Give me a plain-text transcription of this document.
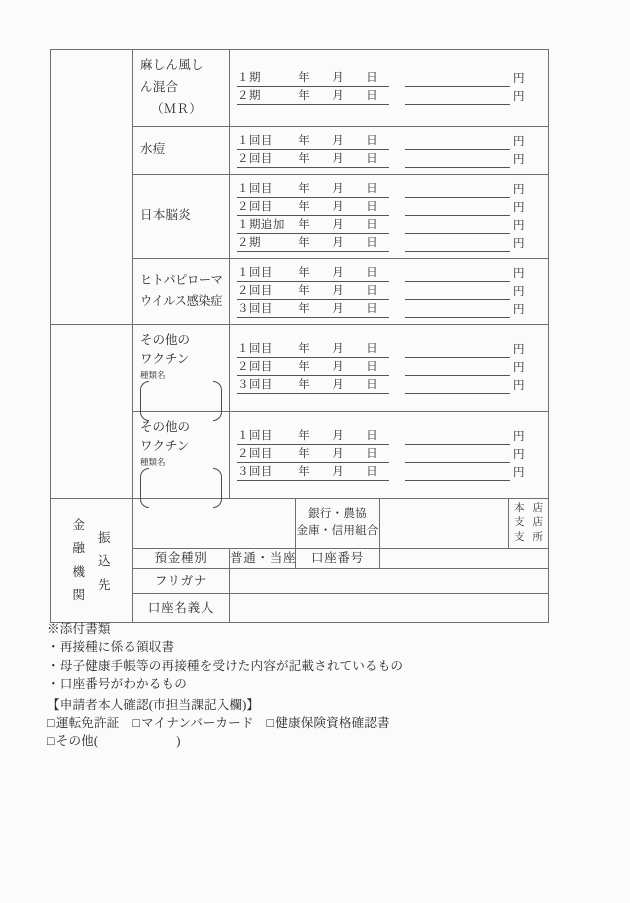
麻しん風し
ん混合
（ＭＲ）

１期	年	月	日	円
２期	年	月	日	円

水痘

１回目	年	月	日	円
２回目	年	月	日	円

日本脳炎

１回目	年	月	日	円
２回目	年	月	日	円
１期追加	年	月	日	円
２期	年	月	日	円

ヒトパピローマ
ウイルス感染症

１回目	年	月	日	円
２回目	年	月	日	円
３回目	年	月	日	円

その他の
ワクチン
種類名

１回目	年	月	日	円
２回目	年	月	日	円
３回目	年	月	日	円

その他の
ワクチン
種類名

１回目	年	月	日	円
２回目	年	月	日	円
３回目	年	月	日	円
金
融
機
関
振
込
先

銀行・農協
金庫・信用組合

本 店
支 店
支 所

	預金種別	普通・当座	口座番号		
	フリガナ				
	口座名義人				
※添付書類
・再接種に係る領収書
・母子健康手帳等の再接種を受けた内容が記載されているもの
・口座番号がわかるもの
【申請者本人確認(市担当課記入欄)】
□運転免許証 □マイナンバーカード □健康保険資格確認書
□その他(	)
